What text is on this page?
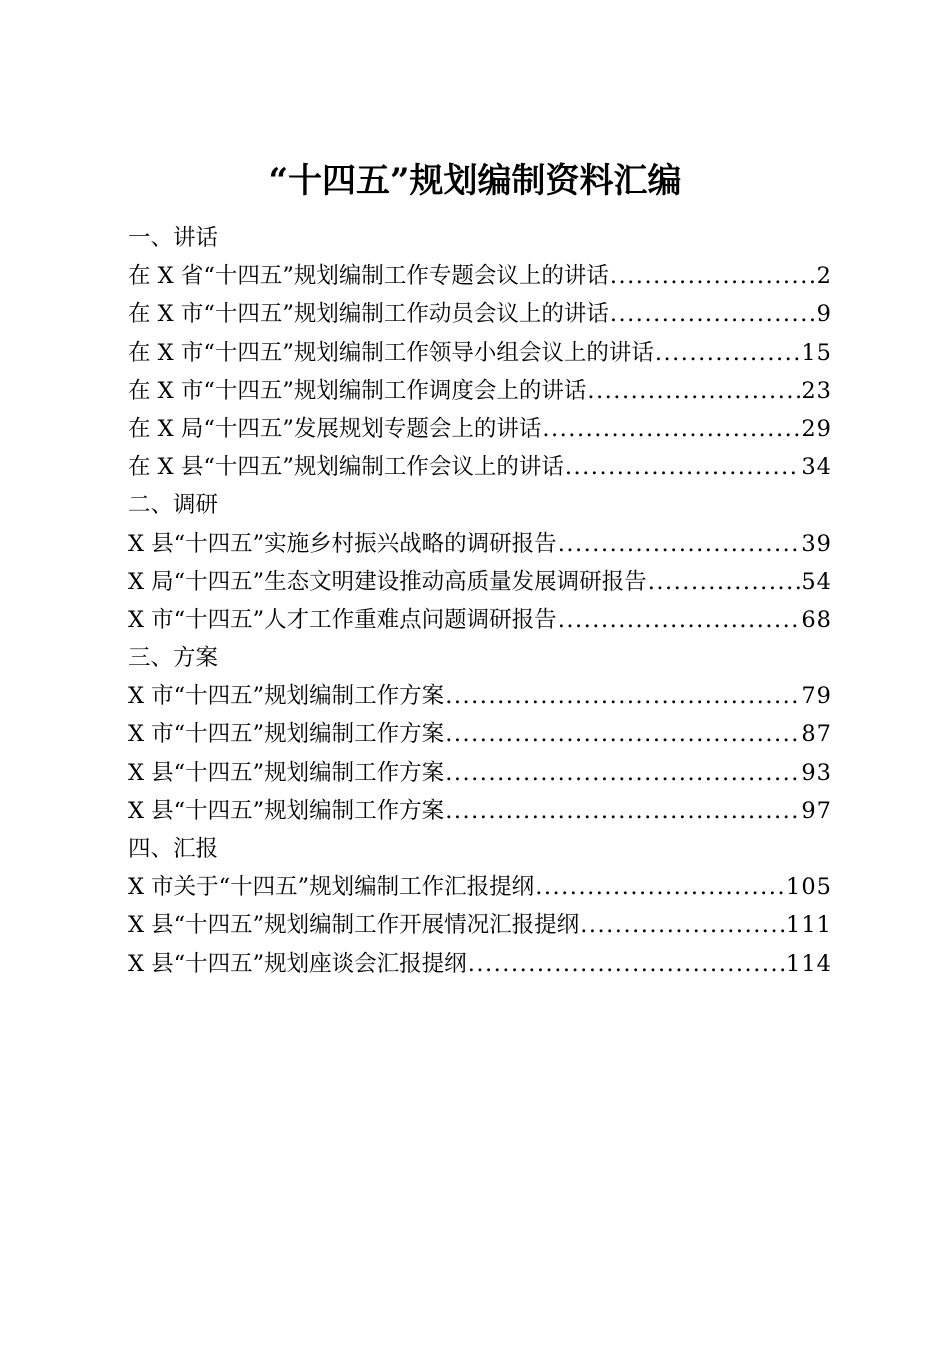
“十四五”规划编制资料汇编
一、讲话
在 X 省“十四五”规划编制工作专题会议上的讲话 .....	2
在 X 市“十四五”规划编制工作动员会议上的讲话 .....	9
在 X 市“十四五”规划编制工作领导小组会议上的讲话 .....	15
在 X 市“十四五”规划编制工作调度会上的讲话 .....	23
在 X 局“十四五”发展规划专题会上的讲话 .....	29
在 X 县“十四五”规划编制工作会议上的讲话 .....	34
二、调研
X 县“十四五”实施乡村振兴战略的调研报告 .....	39
X 局“十四五”生态文明建设推动高质量发展调研报告 .....	54
X 市“十四五”人才工作重难点问题调研报告 .....	68
三、方案
X 市“十四五”规划编制工作方案 .....	79
X 市“十四五”规划编制工作方案 .....	87
X 县“十四五”规划编制工作方案 .....	93
X 县“十四五”规划编制工作方案 .....	97
四、汇报
X 市关于“十四五”规划编制工作汇报提纲 .....	105
X 县“十四五”规划编制工作开展情况汇报提纲 .....	111
X 县“十四五”规划座谈会汇报提纲 .....	114
